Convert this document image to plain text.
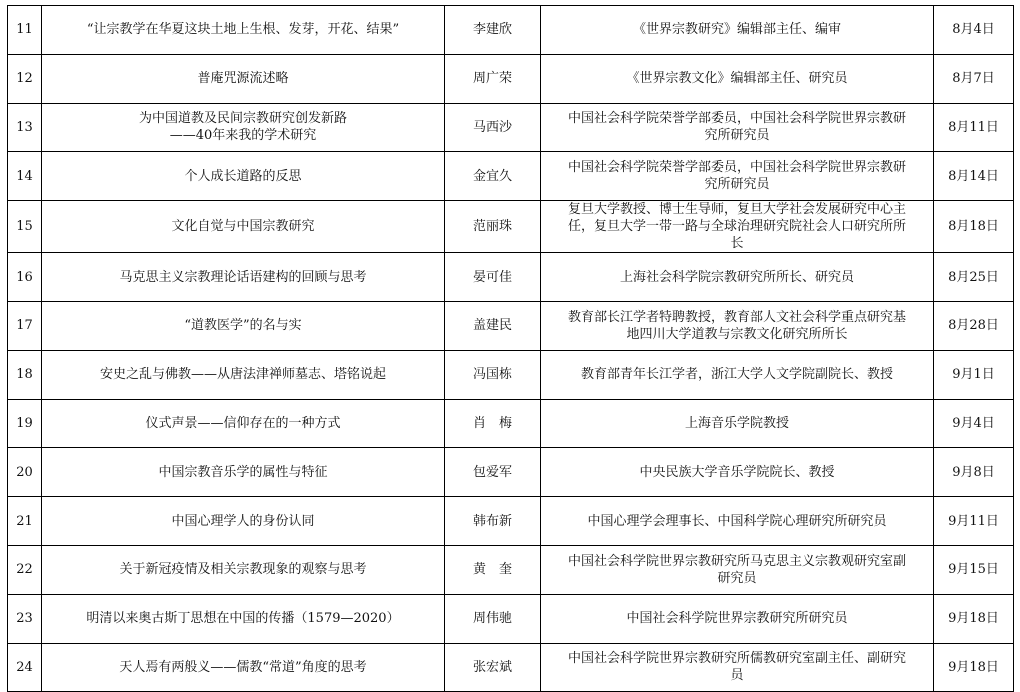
11	“让宗教学在华夏这块土地上生根、发芽，开花、结果”	李建欣	《世界宗教研究》编辑部主任、编审	8月4日
12	普庵咒源流述略	周广荣	《世界宗教文化》编辑部主任、研究员	8月7日
13	为中国道教及民间宗教研究创发新路
——40年来我的学术研究	马西沙	中国社会科学院荣誉学部委员，中国社会科学院世界宗教研
究所研究员	8月11日
14	个人成长道路的反思	金宜久	中国社会科学院荣誉学部委员，中国社会科学院世界宗教研
究所研究员	8月14日
15	文化自觉与中国宗教研究	范丽珠	复旦大学教授、博士生导师，复旦大学社会发展研究中心主
任，复旦大学一带一路与全球治理研究院社会人口研究所所
长	8月18日
16	马克思主义宗教理论话语建构的回顾与思考	晏可佳	上海社会科学院宗教研究所所长、研究员	8月25日
17	“道教医学”的名与实	盖建民	教育部长江学者特聘教授，教育部人文社会科学重点研究基
地四川大学道教与宗教文化研究所所长	8月28日
18	安史之乱与佛教——从唐法津禅师墓志、塔铭说起	冯国栋	教育部青年长江学者，浙江大学人文学院副院长、教授	9月1日
19	仪式声景——信仰存在的一种方式	肖　梅	上海音乐学院教授	9月4日
20	中国宗教音乐学的属性与特征	包爱军	中央民族大学音乐学院院长、教授	9月8日
21	中国心理学人的身份认同	韩布新	中国心理学会理事长、中国科学院心理研究所研究员	9月11日
22	关于新冠疫情及相关宗教现象的观察与思考	黄　奎	中国社会科学院世界宗教研究所马克思主义宗教观研究室副
研究员	9月15日
23	明清以来奥古斯丁思想在中国的传播（1579—2020）	周伟驰	中国社会科学院世界宗教研究所研究员	9月18日
24	天人焉有两般义——儒教“常道”角度的思考	张宏斌	中国社会科学院世界宗教研究所儒教研究室副主任、副研究
员	9月18日
